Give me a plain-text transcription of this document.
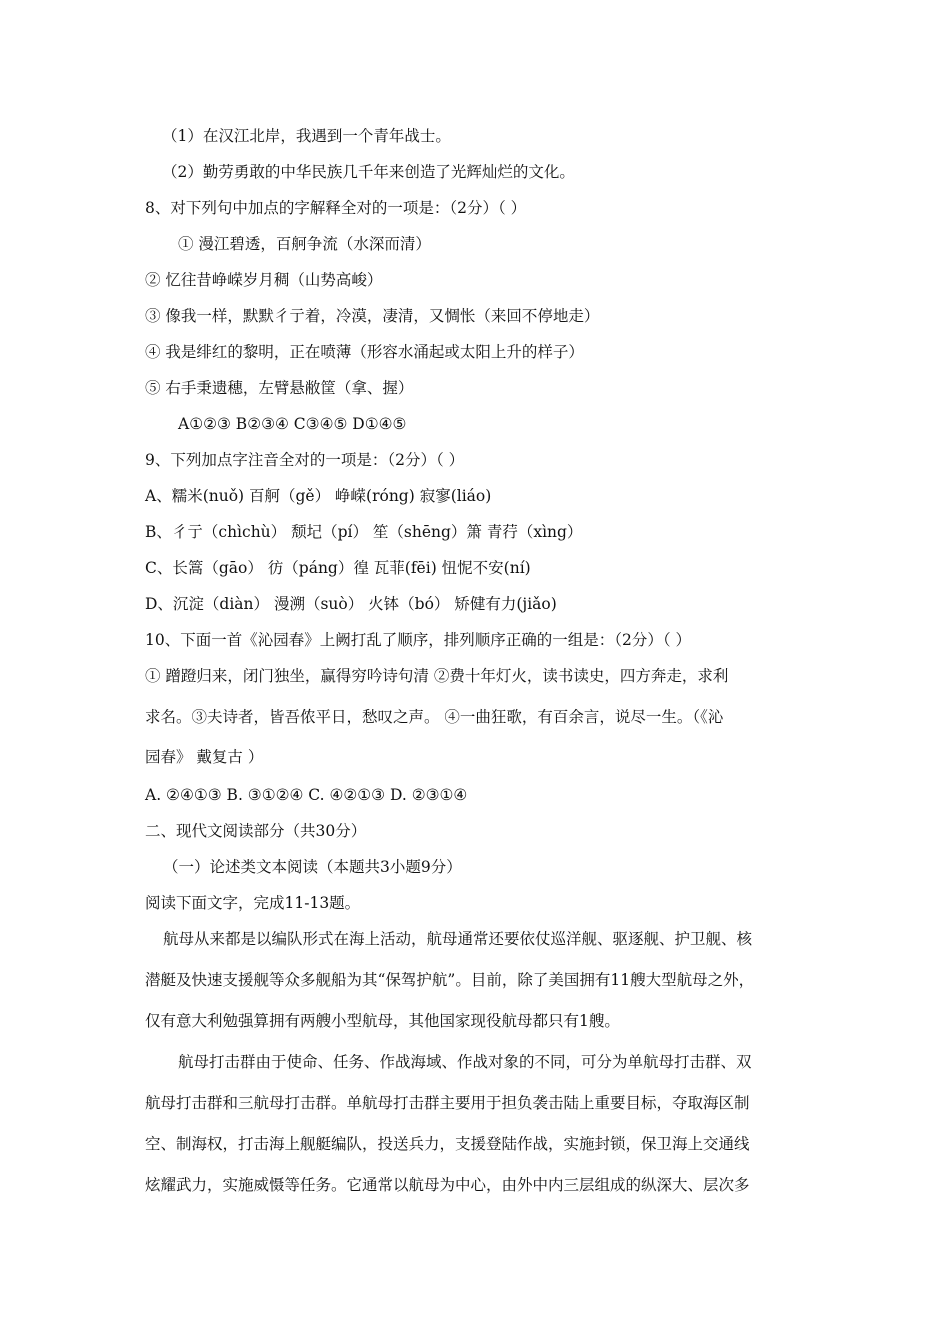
（1）在汉江北岸，我遇到一个青年战士。
（2）勤劳勇敢的中华民族几千年来创造了光辉灿烂的文化。
8、对下列句中加点的字解释全对的一项是：（2分）（ ）
① 漫江碧透，百舸争流（水深而清）
② 忆往昔峥嵘岁月稠（山势高峻）
③ 像我一样，默默彳亍着，冷漠，凄清，又惆怅（来回不停地走）
④ 我是绯红的黎明，正在喷薄（形容水涌起或太阳上升的样子）
⑤ 右手秉遗穗，左臂悬敝筐（拿、握）
A①②③ B②③④ C③④⑤ D①④⑤
9、下列加点字注音全对的一项是：（2分）（ ）
A、糯米(nuǒ) 百舸（gě） 峥嵘(róng) 寂寥(liáo)
B、彳亍（chìchù） 颓圮（pí） 笙（shēng）箫 青荇（xìng）
C、长篙（gāo） 彷（páng）徨 瓦菲(fēi) 忸怩不安(ní)
D、沉淀（diàn） 漫溯（suò） 火钵（bó） 矫健有力(jiǎo)
10、下面一首《沁园春》上阙打乱了顺序，排列顺序正确的一组是：（2分）（ ）
① 蹭蹬归来，闭门独坐，赢得穷吟诗句清 ②费十年灯火，读书读史，四方奔走，求利
求名。③夫诗者，皆吾侬平日，愁叹之声。 ④一曲狂歌，有百余言，说尽一生。（《沁
园春》 戴复古 ）
A. ②④①③ B. ③①②④ C. ④②①③ D. ②③①④
二、现代文阅读部分（共30分）
（一）论述类文本阅读（本题共3小题9分）
阅读下面文字，完成11-13题。
航母从来都是以编队形式在海上活动，航母通常还要依仗巡洋舰、驱逐舰、护卫舰、核
潜艇及快速支援舰等众多舰船为其“保驾护航”。目前，除了美国拥有11艘大型航母之外，
仅有意大利勉强算拥有两艘小型航母，其他国家现役航母都只有1艘。
航母打击群由于使命、任务、作战海域、作战对象的不同，可分为单航母打击群、双
航母打击群和三航母打击群。单航母打击群主要用于担负袭击陆上重要目标，夺取海区制
空、制海权，打击海上舰艇编队，投送兵力，支援登陆作战，实施封锁，保卫海上交通线
炫耀武力，实施威慑等任务。它通常以航母为中心，由外中内三层组成的纵深大、层次多
